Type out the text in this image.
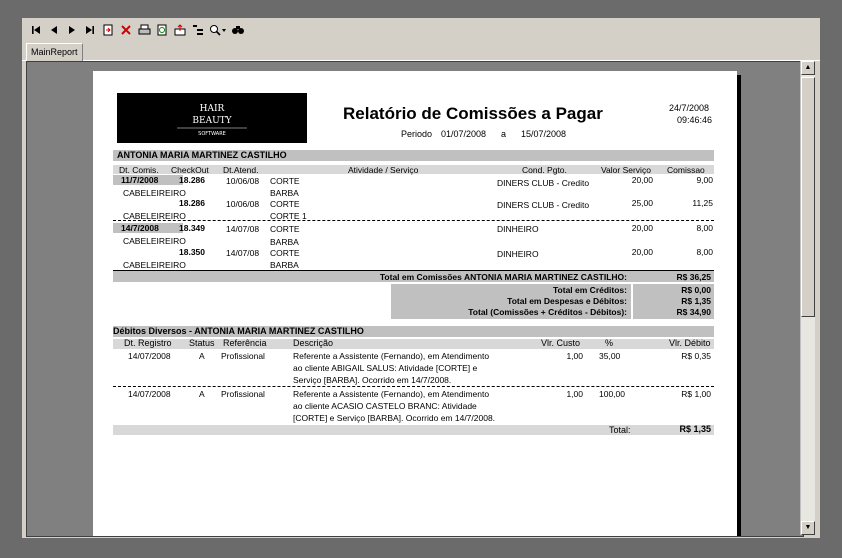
MainReport
HAIR
BEAUTY
SOFTWARE
Relatório de Comissões a Pagar	24/7/2008
09:46:46
Periodo 01/07/2008 a 15/07/2008
ANTONIA MARIA MARTINEZ CASTILHO
Dt. Comis. CheckOut Dt.Atend.	Atividade / Serviço	Cond. Pgto.	Valor Serviço Comissao
11/7/2008 18.286 10/06/08 CORTE	DINERS CLUB - Credito	20,00	9,00
CABELEIREIRO	BARBA
18.286 10/06/08 CORTE	DINERS CLUB - Credito	25,00	11,25
CABELEIREIRO	CORTE 1
14/7/2008 18.349 14/07/08 CORTE	DINHEIRO	20,00	8,00
CABELEIREIRO	BARBA
18.350 14/07/08 CORTE	DINHEIRO	20,00	8,00
CABELEIREIRO	BARBA
Total em Comissões ANTONIA MARIA MARTINEZ CASTILHO:	R$ 36,25
Total em Créditos:	R$ 0,00
Total em Despesas e Débitos:	R$ 1,35
Total (Comissões + Créditos - Débitos):	R$ 34,90
Débitos Diversos - ANTONIA MARIA MARTINEZ CASTILHO
Dt. Registro Status Referência	Descrição	Vlr. Custo	%	Vlr. Débito
14/07/2008	A Profissional	Referente a Assistente (Fernando), em Atendimento
ao cliente ABIGAIL SALUS: Atividade [CORTE] e
Serviço [BARBA]. Ocorrido em 14/7/2008.
1,00 35,00	R$ 0,35
14/07/2008	A Profissional	Referente a Assistente (Fernando), em Atendimento
ao cliente ACASIO CASTELO BRANC: Atividade
[CORTE] e Serviço [BARBA]. Ocorrido em 14/7/2008.
1,00 100,00	R$ 1,00
Total:	R$ 1,35
▲
▼
